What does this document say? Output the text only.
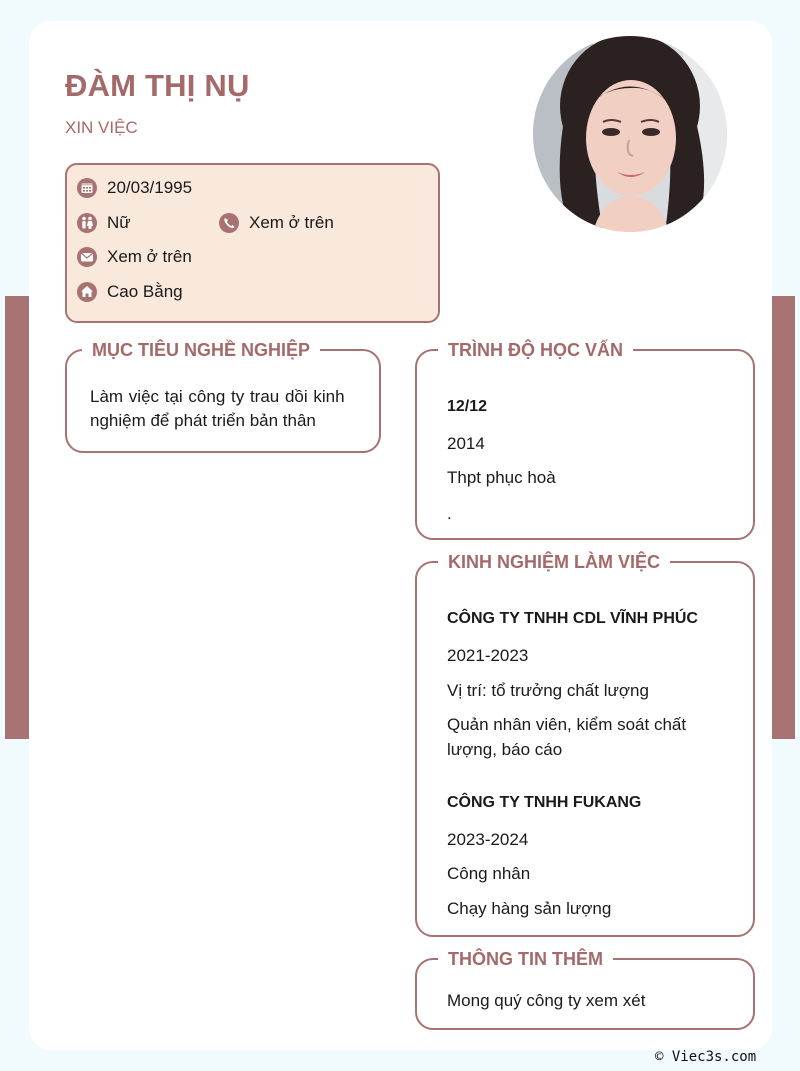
ĐÀM THỊ NỤ
XIN VIỆC
20/03/1995
Nữ	Xem ở trên
Xem ở trên
Cao Bằng
MỤC TIÊU NGHỀ NGHIỆP
Làm việc tại công ty trau dồi kinh
nghiệm để phát triển bản thân
TRÌNH ĐỘ HỌC VẤN
12/12
2014
Thpt phục hoà
.
KINH NGHIỆM LÀM VIỆC
CÔNG TY TNHH CDL VĨNH PHÚC
2021-2023
Vị trí: tổ trưởng chất lượng
Quản nhân viên, kiểm soát chất
lượng, báo cáo
CÔNG TY TNHH FUKANG
2023-2024
Công nhân
Chạy hàng sản lượng
THÔNG TIN THÊM
Mong quý công ty xem xét
© Viec3s.com
